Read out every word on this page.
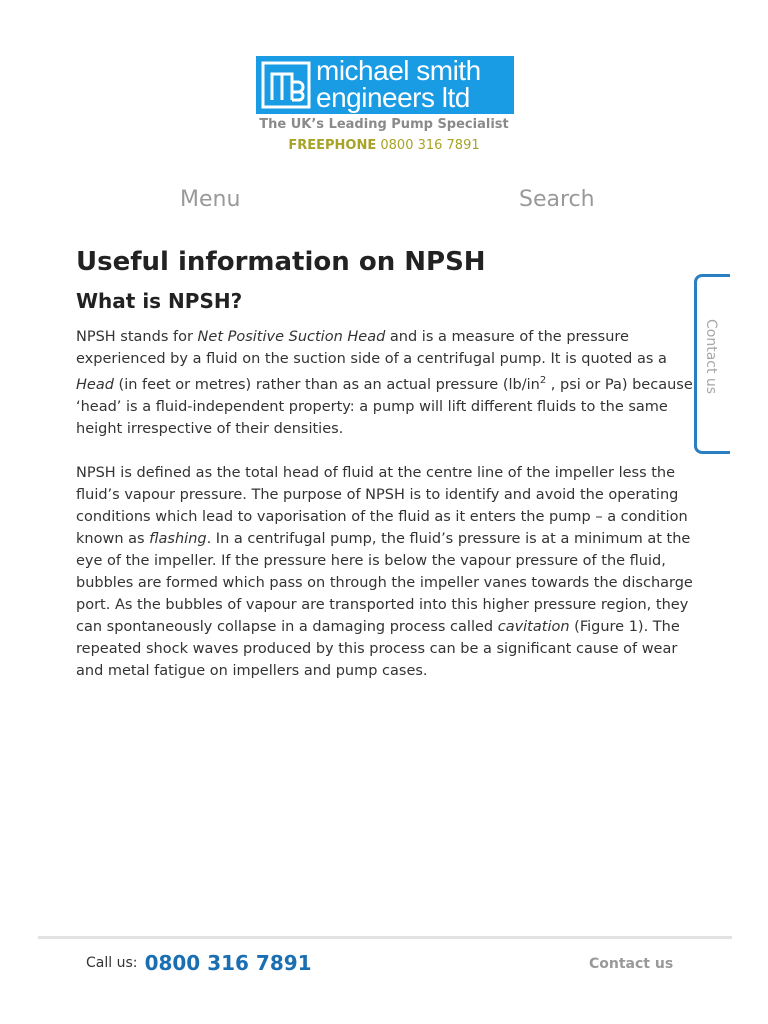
michael smith
engineers ltd
The UK’s Leading Pump Specialist
FREEPHONE 0800 316 7891
Menu	Search
Useful information on NPSH
What is NPSH?

NPSH stands for Net Positive Suction Head and is a measure of the pressure experienced by a fluid on the suction side of a centrifugal pump. It is quoted as a Head (in feet or metres) rather than as an actual pressure ($lb/in^2$ , psi or Pa) because ‘head’ is a fluid-independent property: a pump will lift different fluids to the same height irrespective of their densities.

NPSH is defined as the total head of fluid at the centre line of the impeller less the fluid’s vapour pressure. The purpose of NPSH is to identify and avoid the operating conditions which lead to vaporisation of the fluid as it enters the pump – a condition known as flashing. In a centrifugal pump, the fluid’s pressure is at a minimum at the eye of the impeller. If the pressure here is below the vapour pressure of the fluid, bubbles are formed which pass on through the impeller vanes towards the discharge port. As the bubbles of vapour are transported into this higher pressure region, they can spontaneously collapse in a damaging process called cavitation (Figure 1). The repeated shock waves produced by this process can be a significant cause of wear and metal fatigue on impellers and pump cases.

Contact us
Call us: 0800 316 7891	Contact us
